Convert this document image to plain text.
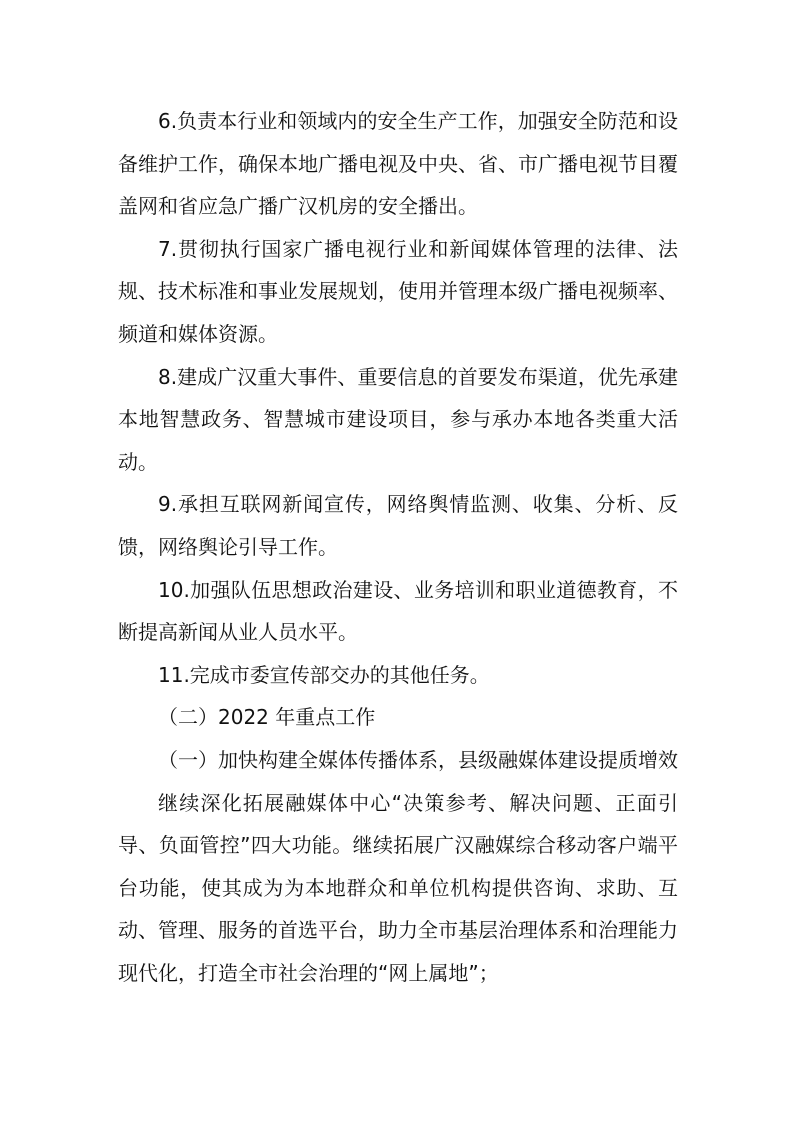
6.负责本行业和领域内的安全生产工作，加强安全防范和设备维护工作，确保本地广播电视及中央、省、市广播电视节目覆盖网和省应急广播广汉机房的安全播出。

7.贯彻执行国家广播电视行业和新闻媒体管理的法律、法规、技术标准和事业发展规划，使用并管理本级广播电视频率、频道和媒体资源。

8.建成广汉重大事件、重要信息的首要发布渠道，优先承建本地智慧政务、智慧城市建设项目，参与承办本地各类重大活动。

9.承担互联网新闻宣传，网络舆情监测、收集、分析、反馈，网络舆论引导工作。

10.加强队伍思想政治建设、业务培训和职业道德教育，不断提高新闻从业人员水平。

11.完成市委宣传部交办的其他任务。

（二）2022 年重点工作

（一）加快构建全媒体传播体系，县级融媒体建设提质增效

继续深化拓展融媒体中心“决策参考、解决问题、正面引导、负面管控”四大功能。继续拓展广汉融媒综合移动客户端平台功能，使其成为为本地群众和单位机构提供咨询、求助、互动、管理、服务的首选平台，助力全市基层治理体系和治理能力现代化，打造全市社会治理的“网上属地”；
